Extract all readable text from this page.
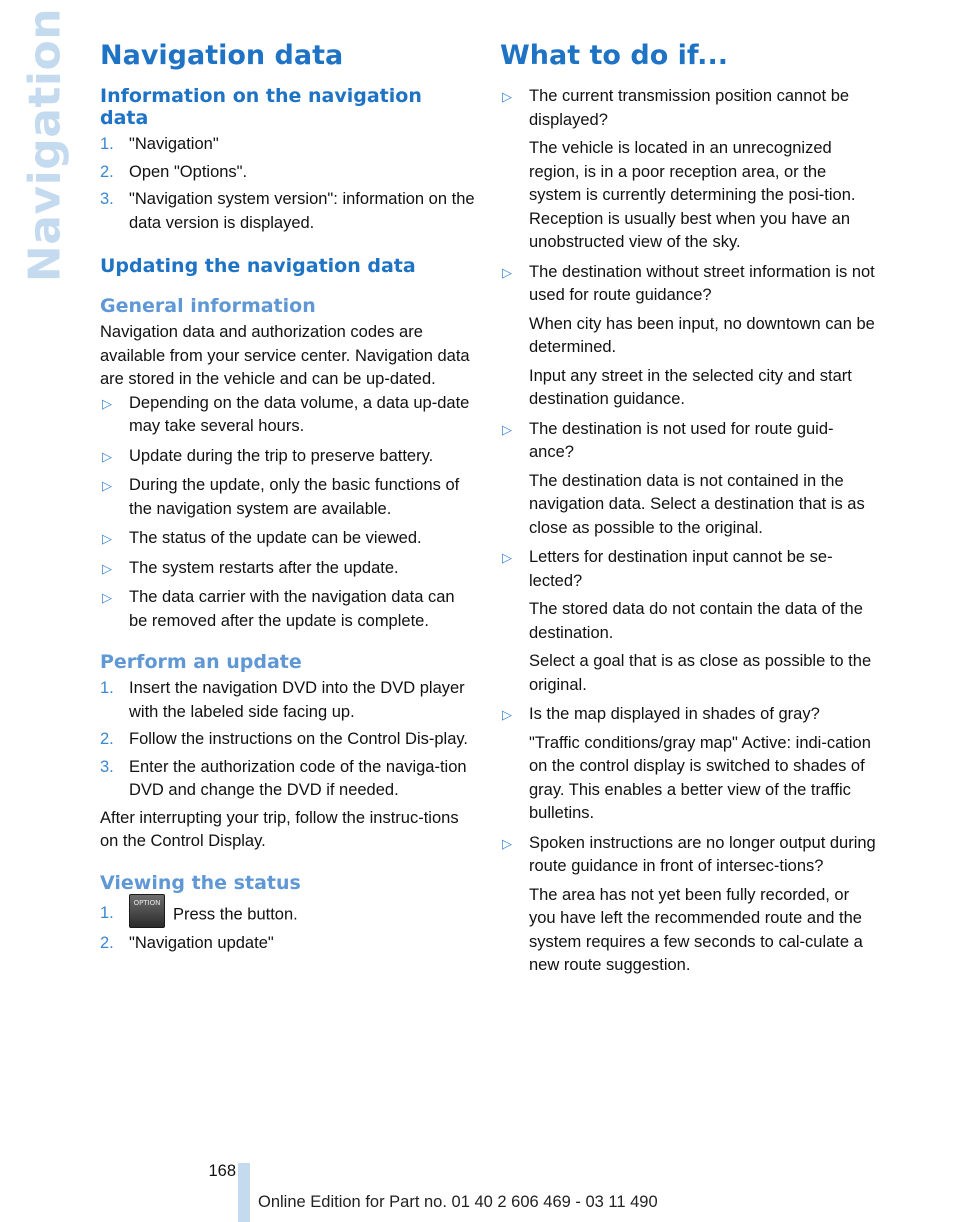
Navigation Navigation data
Information on the navigation data
1. "Navigation"
2. Open "Options".
3. "Navigation system version": information on the data version is displayed.
Updating the navigation data
General information

Navigation data and authorization codes are available from your service center. Navigation data are stored in the vehicle and can be up-dated.

▷ Depending on the data volume, a data up-date may take several hours.
▷ Update during the trip to preserve battery.
▷ During the update, only the basic functions of the navigation system are available.
▷ The status of the update can be viewed.
▷ The system restarts after the update.
▷ The data carrier with the navigation data can be removed after the update is complete.
Perform an update
1. Insert the navigation DVD into the DVD player with the labeled side facing up.
2. Follow the instructions on the Control Dis-play.
3. Enter the authorization code of the naviga-tion DVD and change the DVD if needed.

After interrupting your trip, follow the instruc-tions on the Control Display.

Viewing the status
1.
OPTIONPress the button.
2. "Navigation update"
What to do if...
▷ The current transmission position cannot be displayed?

The vehicle is located in an unrecognized region, is in a poor reception area, or the system is currently determining the posi-tion. Reception is usually best when you have an unobstructed view of the sky.

▷ The destination without street information is not used for route guidance?

When city has been input, no downtown can be determined.

Input any street in the selected city and start destination guidance.

▷ The destination is not used for route guid-ance?

The destination data is not contained in the navigation data. Select a destination that is as close as possible to the original.

▷ Letters for destination input cannot be se-lected?

The stored data do not contain the data of the destination.

Select a goal that is as close as possible to the original.

▷ Is the map displayed in shades of gray?

"Traffic conditions/gray map" Active: indi-cation on the control display is switched to shades of gray. This enables a better view of the traffic bulletins.

▷ Spoken instructions are no longer output during route guidance in front of intersec-tions?

The area has not yet been fully recorded, or you have left the recommended route and the system requires a few seconds to cal-culate a new route suggestion.

168
Online Edition for Part no. 01 40 2 606 469 - 03 11 490
